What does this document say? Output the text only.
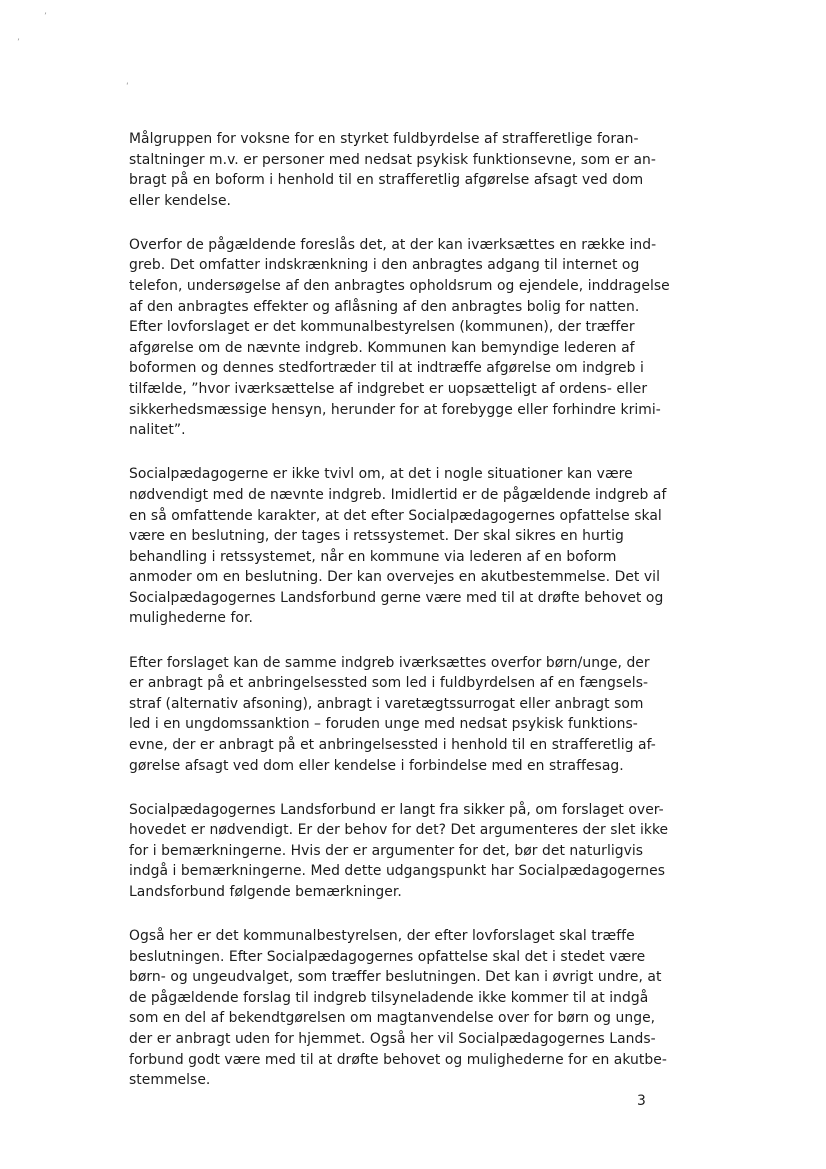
’
’
ʻ

Målgruppen for voksne for en styrket fuldbyrdelse af strafferetlige foran-
staltninger m.v. er personer med nedsat psykisk funktionsevne, som er an-
bragt på en boform i henhold til en strafferetlig afgørelse afsagt ved dom
eller kendelse.

Overfor de pågældende foreslås det, at der kan iværksættes en række ind-
greb. Det omfatter indskrænkning i den anbragtes adgang til internet og
telefon, undersøgelse af den anbragtes opholdsrum og ejendele, inddragelse
af den anbragtes effekter og aflåsning af den anbragtes bolig for natten.
Efter lovforslaget er det kommunalbestyrelsen (kommunen), der træffer
afgørelse om de nævnte indgreb. Kommunen kan bemyndige lederen af
boformen og dennes stedfortræder til at indtræffe afgørelse om indgreb i
tilfælde, ”hvor iværksættelse af indgrebet er uopsætteligt af ordens- eller
sikkerhedsmæssige hensyn, herunder for at forebygge eller forhindre krimi-
nalitet”.

Socialpædagogerne er ikke tvivl om, at det i nogle situationer kan være
nødvendigt med de nævnte indgreb. Imidlertid er de pågældende indgreb af
en så omfattende karakter, at det efter Socialpædagogernes opfattelse skal
være en beslutning, der tages i retssystemet. Der skal sikres en hurtig
behandling i retssystemet, når en kommune via lederen af en boform
anmoder om en beslutning. Der kan overvejes en akutbestemmelse. Det vil
Socialpædagogernes Landsforbund gerne være med til at drøfte behovet og
mulighederne for.

Efter forslaget kan de samme indgreb iværksættes overfor børn/unge, der
er anbragt på et anbringelsessted som led i fuldbyrdelsen af en fængsels-
straf (alternativ afsoning), anbragt i varetægtssurrogat eller anbragt som
led i en ungdomssanktion – foruden unge med nedsat psykisk funktions-
evne, der er anbragt på et anbringelsessted i henhold til en strafferetlig af-
gørelse afsagt ved dom eller kendelse i forbindelse med en straffesag.

Socialpædagogernes Landsforbund er langt fra sikker på, om forslaget over-
hovedet er nødvendigt. Er der behov for det? Det argumenteres der slet ikke
for i bemærkningerne. Hvis der er argumenter for det, bør det naturligvis
indgå i bemærkningerne. Med dette udgangspunkt har Socialpædagogernes
Landsforbund følgende bemærkninger.

Også her er det kommunalbestyrelsen, der efter lovforslaget skal træffe
beslutningen. Efter Socialpædagogernes opfattelse skal det i stedet være
børn- og ungeudvalget, som træffer beslutningen. Det kan i øvrigt undre, at
de pågældende forslag til indgreb tilsyneladende ikke kommer til at indgå
som en del af bekendtgørelsen om magtanvendelse over for børn og unge,
der er anbragt uden for hjemmet. Også her vil Socialpædagogernes Lands-
forbund godt være med til at drøfte behovet og mulighederne for en akutbe-
stemmelse.

3
